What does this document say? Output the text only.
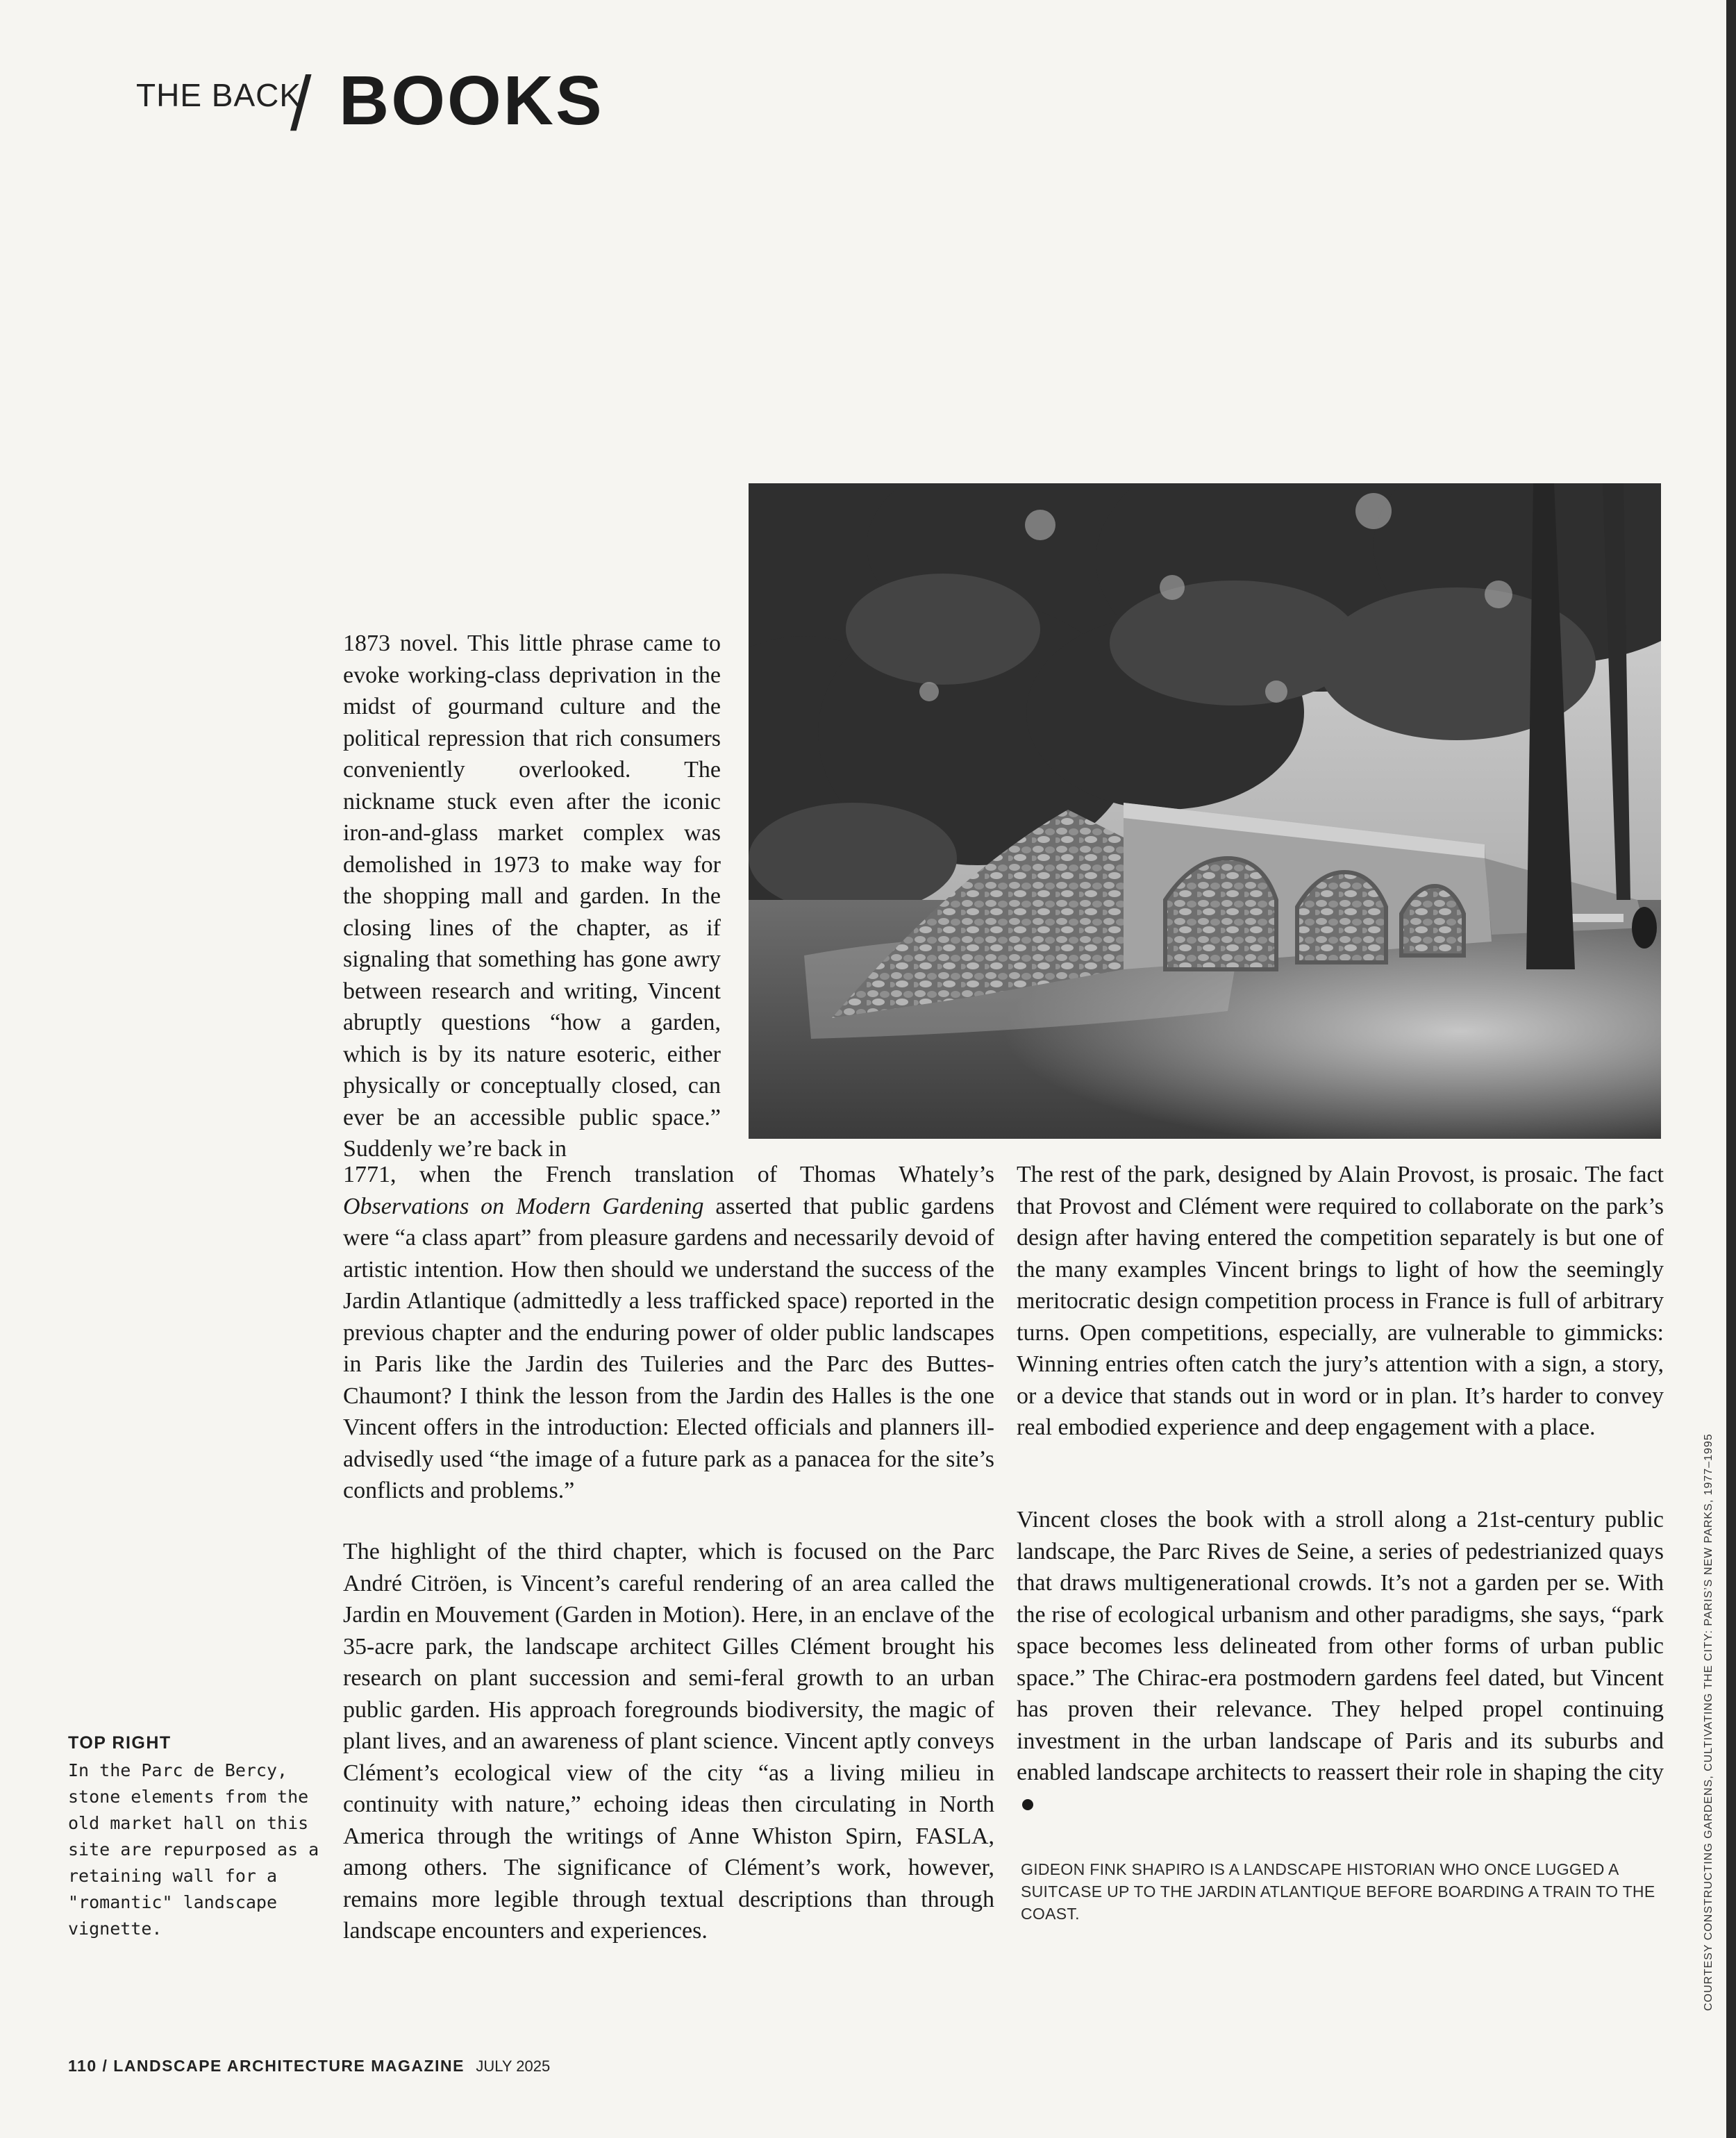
THE BACK
/ BOOKS

1873 novel. This little phrase came to evoke working-class deprivation in the midst of gourmand culture and the political repression that rich consumers conveniently overlooked. The nickname stuck even after the iconic iron-and-glass market complex was demolished in 1973 to make way for the shopping mall and garden. In the closing lines of the chapter, as if signaling that something has gone awry between research and writing, Vincent abruptly questions “how a garden, which is by its nature esoteric, either physically or conceptually closed, can ever be an accessible public space.” Suddenly we’re back in

1771, when the French translation of Thomas Whately’s Observations on Modern Gardening asserted that public gardens were “a class apart” from pleasure gardens and necessarily devoid of artistic intention. How then should we understand the success of the Jardin Atlantique (admittedly a less trafficked space) reported in the previous chapter and the enduring power of older public landscapes in Paris like the Jardin des Tuileries and the Parc des Buttes-Chaumont? I think the lesson from the Jardin des Halles is the one Vincent offers in the introduction: Elected officials and planners ill-advisedly used “the image of a future park as a panacea for the site’s conflicts and problems.”

The highlight of the third chapter, which is focused on the Parc André Citröen, is Vincent’s careful rendering of an area called the Jardin en Mouvement (Garden in Motion). Here, in an enclave of the 35-acre park, the landscape architect Gilles Clément brought his research on plant succession and semi-feral growth to an urban public garden. His approach foregrounds biodiversity, the magic of plant lives, and an awareness of plant science. Vincent aptly conveys Clément’s ecological view of the city “as a living milieu in continuity with nature,” echoing ideas then circulating in North America through the writings of Anne Whiston Spirn, FASLA, among others. The significance of Clément’s work, however, remains more legible through textual descriptions than through landscape encounters and experiences.

The rest of the park, designed by Alain Provost, is prosaic. The fact that Provost and Clément were required to collaborate on the park’s design after having entered the competition separately is but one of the many examples Vincent brings to light of how the seemingly meritocratic design competition process in France is full of arbitrary turns. Open competitions, especially, are vulnerable to gimmicks: Winning entries often catch the jury’s attention with a sign, a story, or a device that stands out in word or in plan. It’s harder to convey real embodied experience and deep engagement with a place.

Vincent closes the book with a stroll along a 21st-century public landscape, the Parc Rives de Seine, a series of pedestrianized quays that draws multigenerational crowds. It’s not a garden per se. With the rise of ecological urbanism and other paradigms, she says, “park space becomes less delineated from other forms of urban public space.” The Chirac-era postmodern gardens feel dated, but Vincent has proven their relevance. They helped propel continuing investment in the urban landscape of Paris and its suburbs and enabled landscape architects to reassert their role in shaping the city

GIDEON FINK SHAPIRO IS A LANDSCAPE HISTORIAN WHO ONCE LUGGED A SUITCASE UP TO THE JARDIN ATLANTIQUE BEFORE BOARDING A TRAIN TO THE COAST.
TOP RIGHT
In the Parc de Bercy, stone elements from the old market hall on this site are repurposed as a retaining wall for a "romantic" landscape vignette.	COURTESY CONSTRUCTING GARDENS, CULTIVATING THE CITY: PARIS’S NEW PARKS, 1977–1995
110 / LANDSCAPE ARCHITECTURE MAGAZINE JULY 2025
